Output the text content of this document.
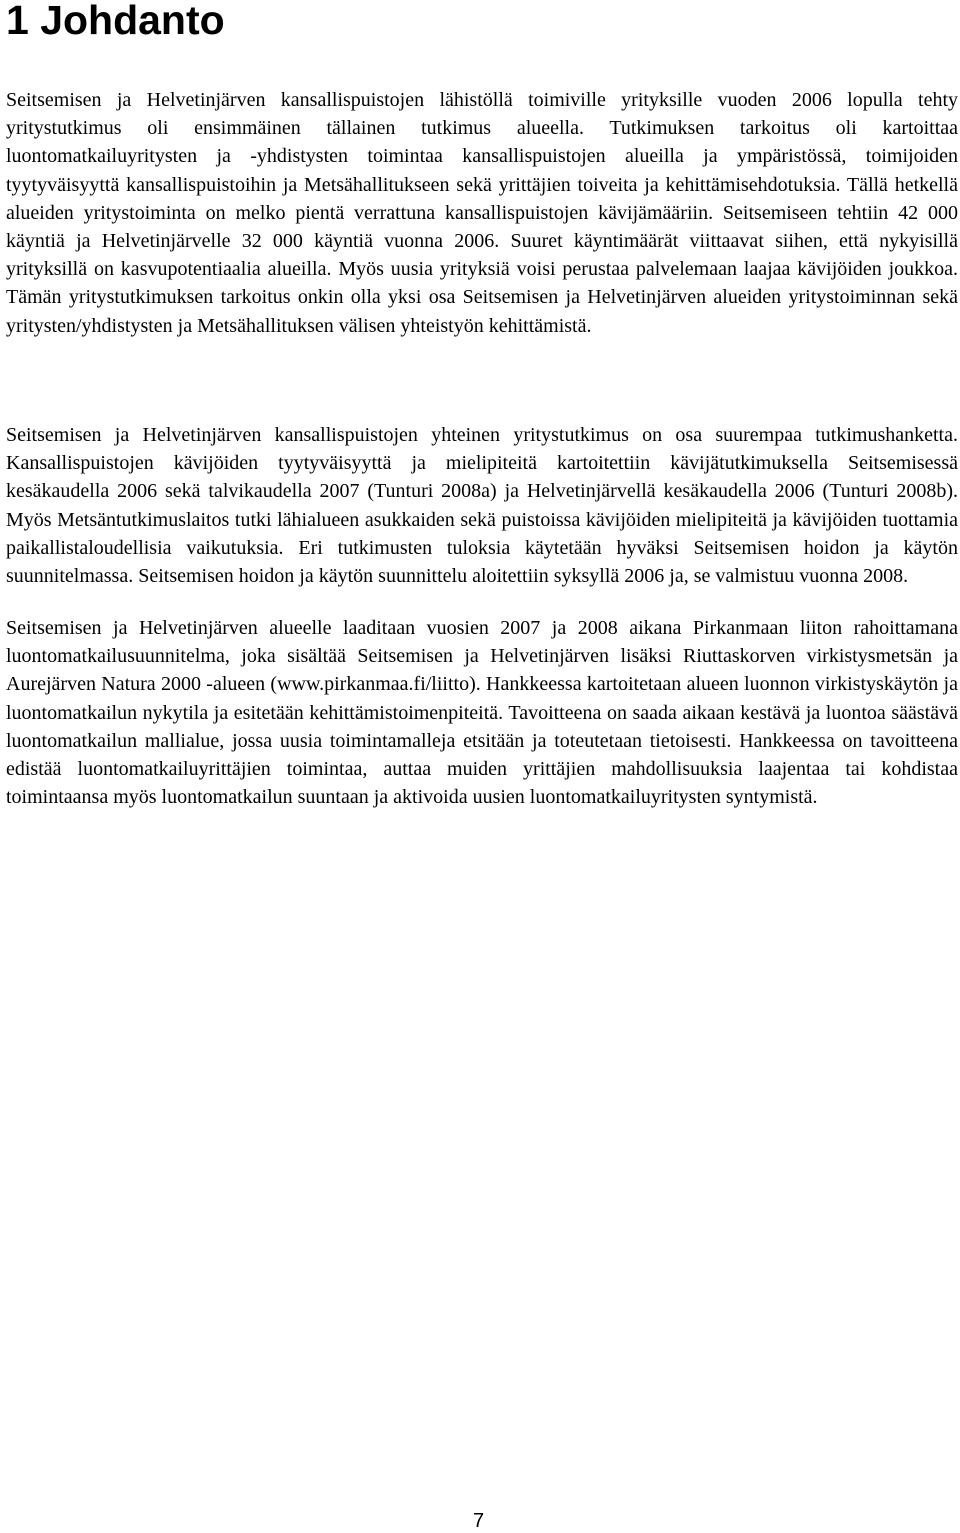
1 Johdanto

Seitsemisen ja Helvetinjärven kansallispuistojen lähistöllä toimiville yrityksille vuoden 2006 lopulla tehty yritystutkimus oli ensimmäinen tällainen tutkimus alueella. Tutkimuksen tarkoitus oli kartoittaa luontomatkailuyritysten ja -yhdistysten toimintaa kansallispuistojen alueilla ja ympäristössä, toimijoiden tyytyväisyyttä kansallispuistoihin ja Metsähallitukseen sekä yrittäjien toiveita ja kehittämisehdotuksia. Tällä hetkellä alueiden yritystoiminta on melko pientä verrattuna kansallispuistojen kävijämääriin. Seitsemiseen tehtiin 42 000 käyntiä ja Helvetinjärvelle 32 000 käyntiä vuonna 2006. Suuret käyntimäärät viittaavat siihen, että nykyisillä yrityksillä on kasvupotentiaalia alueilla. Myös uusia yrityksiä voisi perustaa palvelemaan laajaa kävijöiden joukkoa. Tämän yritystutkimuksen tarkoitus onkin olla yksi osa Seitsemisen ja Helvetinjärven alueiden yritystoiminnan sekä yritysten/yhdistysten ja Metsähallituksen välisen yhteistyön kehittämistä.

Seitsemisen ja Helvetinjärven kansallispuistojen yhteinen yritystutkimus on osa suurempaa tutkimushanketta. Kansallispuistojen kävijöiden tyytyväisyyttä ja mielipiteitä kartoitettiin kävijätutkimuksella Seitsemisessä kesäkaudella 2006 sekä talvikaudella 2007 (Tunturi 2008a) ja Helvetinjärvellä kesäkaudella 2006 (Tunturi 2008b). Myös Metsäntutkimuslaitos tutki lähialueen asukkaiden sekä puistoissa kävijöiden mielipiteitä ja kävijöiden tuottamia paikallistaloudellisia vaikutuksia. Eri tutkimusten tuloksia käytetään hyväksi Seitsemisen hoidon ja käytön suunnitelmassa. Seitsemisen hoidon ja käytön suunnittelu aloitettiin syksyllä 2006 ja, se valmistuu vuonna 2008.

Seitsemisen ja Helvetinjärven alueelle laaditaan vuosien 2007 ja 2008 aikana Pirkanmaan liiton rahoittamana luontomatkailusuunnitelma, joka sisältää Seitsemisen ja Helvetinjärven lisäksi Riuttaskorven virkistysmetsän ja Aurejärven Natura 2000 -alueen (www.pirkanmaa.fi/liitto). Hankkeessa kartoitetaan alueen luonnon virkistyskäytön ja luontomatkailun nykytila ja esitetään kehittämistoimenpiteitä. Tavoitteena on saada aikaan kestävä ja luontoa säästävä luontomatkailun mallialue, jossa uusia toimintamalleja etsitään ja toteutetaan tietoisesti. Hankkeessa on tavoitteena edistää luontomatkailuyrittäjien toimintaa, auttaa muiden yrittäjien mahdollisuuksia laajentaa tai kohdistaa toimintaansa myös luontomatkailun suuntaan ja aktivoida uusien luontomatkailuyritysten syntymistä.

7
